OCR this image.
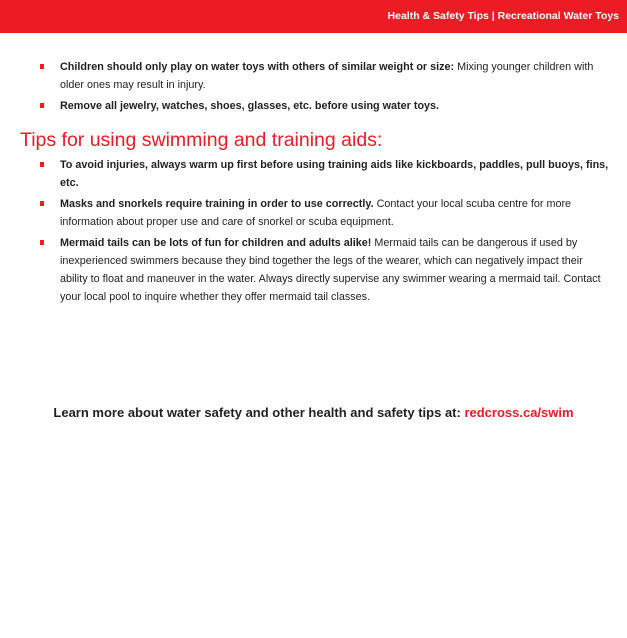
Health & Safety Tips | Recreational Water Toys
Children should only play on water toys with others of similar weight or size: Mixing younger children with older ones may result in injury.
Remove all jewelry, watches, shoes, glasses, etc. before using water toys.
Tips for using swimming and training aids:
To avoid injuries, always warm up first before using training aids like kickboards, paddles, pull buoys, fins, etc.
Masks and snorkels require training in order to use correctly. Contact your local scuba centre for more information about proper use and care of snorkel or scuba equipment.
Mermaid tails can be lots of fun for children and adults alike! Mermaid tails can be dangerous if used by inexperienced swimmers because they bind together the legs of the wearer, which can negatively impact their ability to float and maneuver in the water. Always directly supervise any swimmer wearing a mermaid tail. Contact your local pool to inquire whether they offer mermaid tail classes.
Learn more about water safety and other health and safety tips at: redcross.ca/swim
